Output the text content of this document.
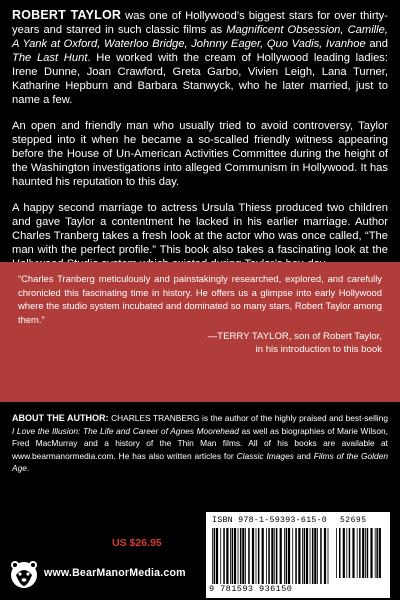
ROBERT TAYLOR was one of Hollywood’s biggest stars for over thirty-years and starred in such classic films as Magnificent Obsession, Camille, A Yank at Oxford, Waterloo Bridge, Johnny Eager, Quo Vadis, Ivanhoe and The Last Hunt. He worked with the cream of Hollywood leading ladies: Irene Dunne, Joan Crawford, Greta Garbo, Vivien Leigh, Lana Turner, Katharine Hepburn and Barbara Stanwyck, who he later married, just to name a few.

An open and friendly man who usually tried to avoid controversy, Taylor stepped into it when he became a so-scalled friendly witness appearing before the House of Un-American Activities Committee during the height of the Washington investigations into alleged Communism in Hollywood. It has haunted his reputation to this day.

A happy second marriage to actress Ursula Thiess produced two children and gave Taylor a contentment he lacked in his earlier marriage. Author Charles Tranberg takes a fresh look at the actor who was once called, “The man with the perfect profile.” This book also takes a fascinating look at the

“Charles Tranberg meticulously and painstakingly researched, explored, and carefully chronicled this fascinating time in history. He offers us a glimpse into early Hollywood where the studio system incubated and dominated so many stars, Robert Taylor among them.”
—TERRY TAYLOR, son of Robert Taylor,
in his introduction to this book

ABOUT THE AUTHOR: CHARLES TRANBERG is the author of the highly praised and best-selling I Love the Illusion: The Life and Career of Agnes Moorehead as well as biographies of Marie Wilson, Fred MacMurray and a history of the Thin Man films. All of his books are available at www.bearmanormedia.com. He has also written articles for Classic Images and Films of the Golden Age.

US $26.95
www.BearManorMedia.com
ISBN 978-1-59393-615-0 52695
9 781593 936150
